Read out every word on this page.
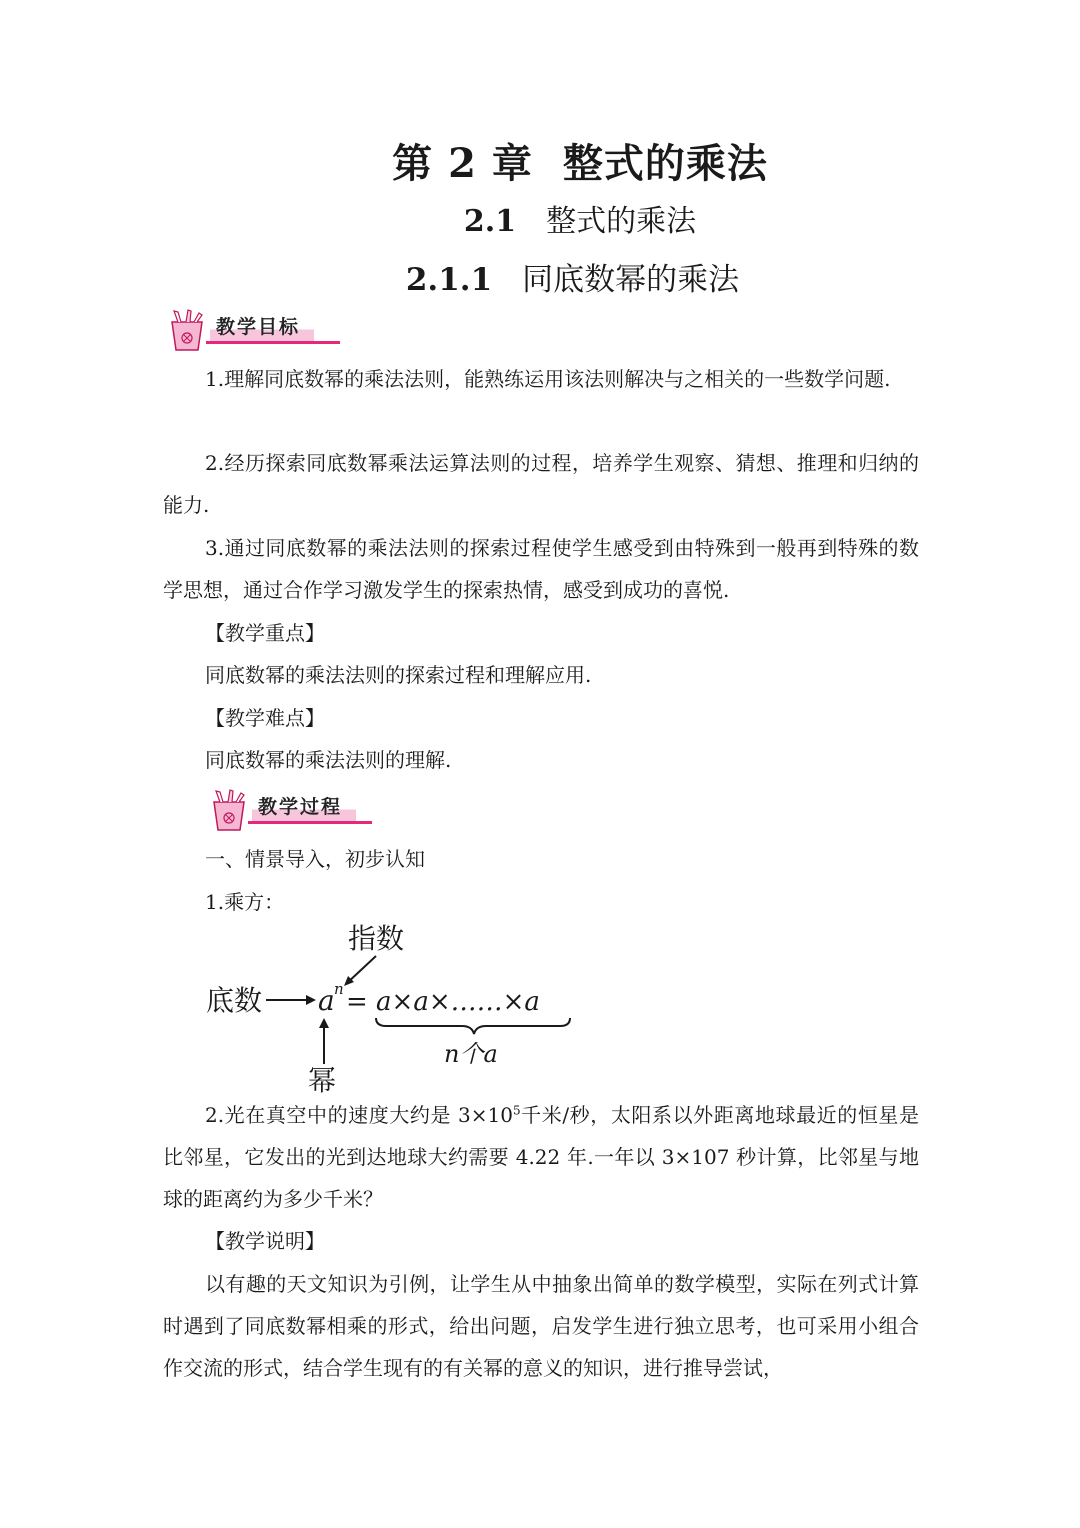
第 2 章 整式的乘法
2.1 整式的乘法
2.1.1 同底数幂的乘法
教学目标

1.理解同底数幂的乘法法则，能熟练运用该法则解决与之相关的一些数学问题.

2.经历探索同底数幂乘法运算法则的过程，培养学生观察、猜想、推理和归纳的能力.

3.通过同底数幂的乘法法则的探索过程使学生感受到由特殊到一般再到特殊的数学思想，通过合作学习激发学生的探索热情，感受到成功的喜悦.

【教学重点】

同底数幂的乘法法则的探索过程和理解应用.

【教学难点】

同底数幂的乘法法则的理解.

教学过程

一、情景导入，初步认知

1.乘方：

指数
底数 a n = a×a×……×a
n个a
幂

2.光在真空中的速度大约是 $3\times 10^5$千米/秒，太阳系以外距离地球最近的恒星是比邻星，它发出的光到达地球大约需要 4.22 年.一年以 3×107 秒计算，比邻星与地球的距离约为多少千米？

【教学说明】

以有趣的天文知识为引例，让学生从中抽象出简单的数学模型，实际在列式计算时遇到了同底数幂相乘的形式，给出问题，启发学生进行独立思考，也可采用小组合作交流的形式，结合学生现有的有关幂的意义的知识，进行推导尝试，
